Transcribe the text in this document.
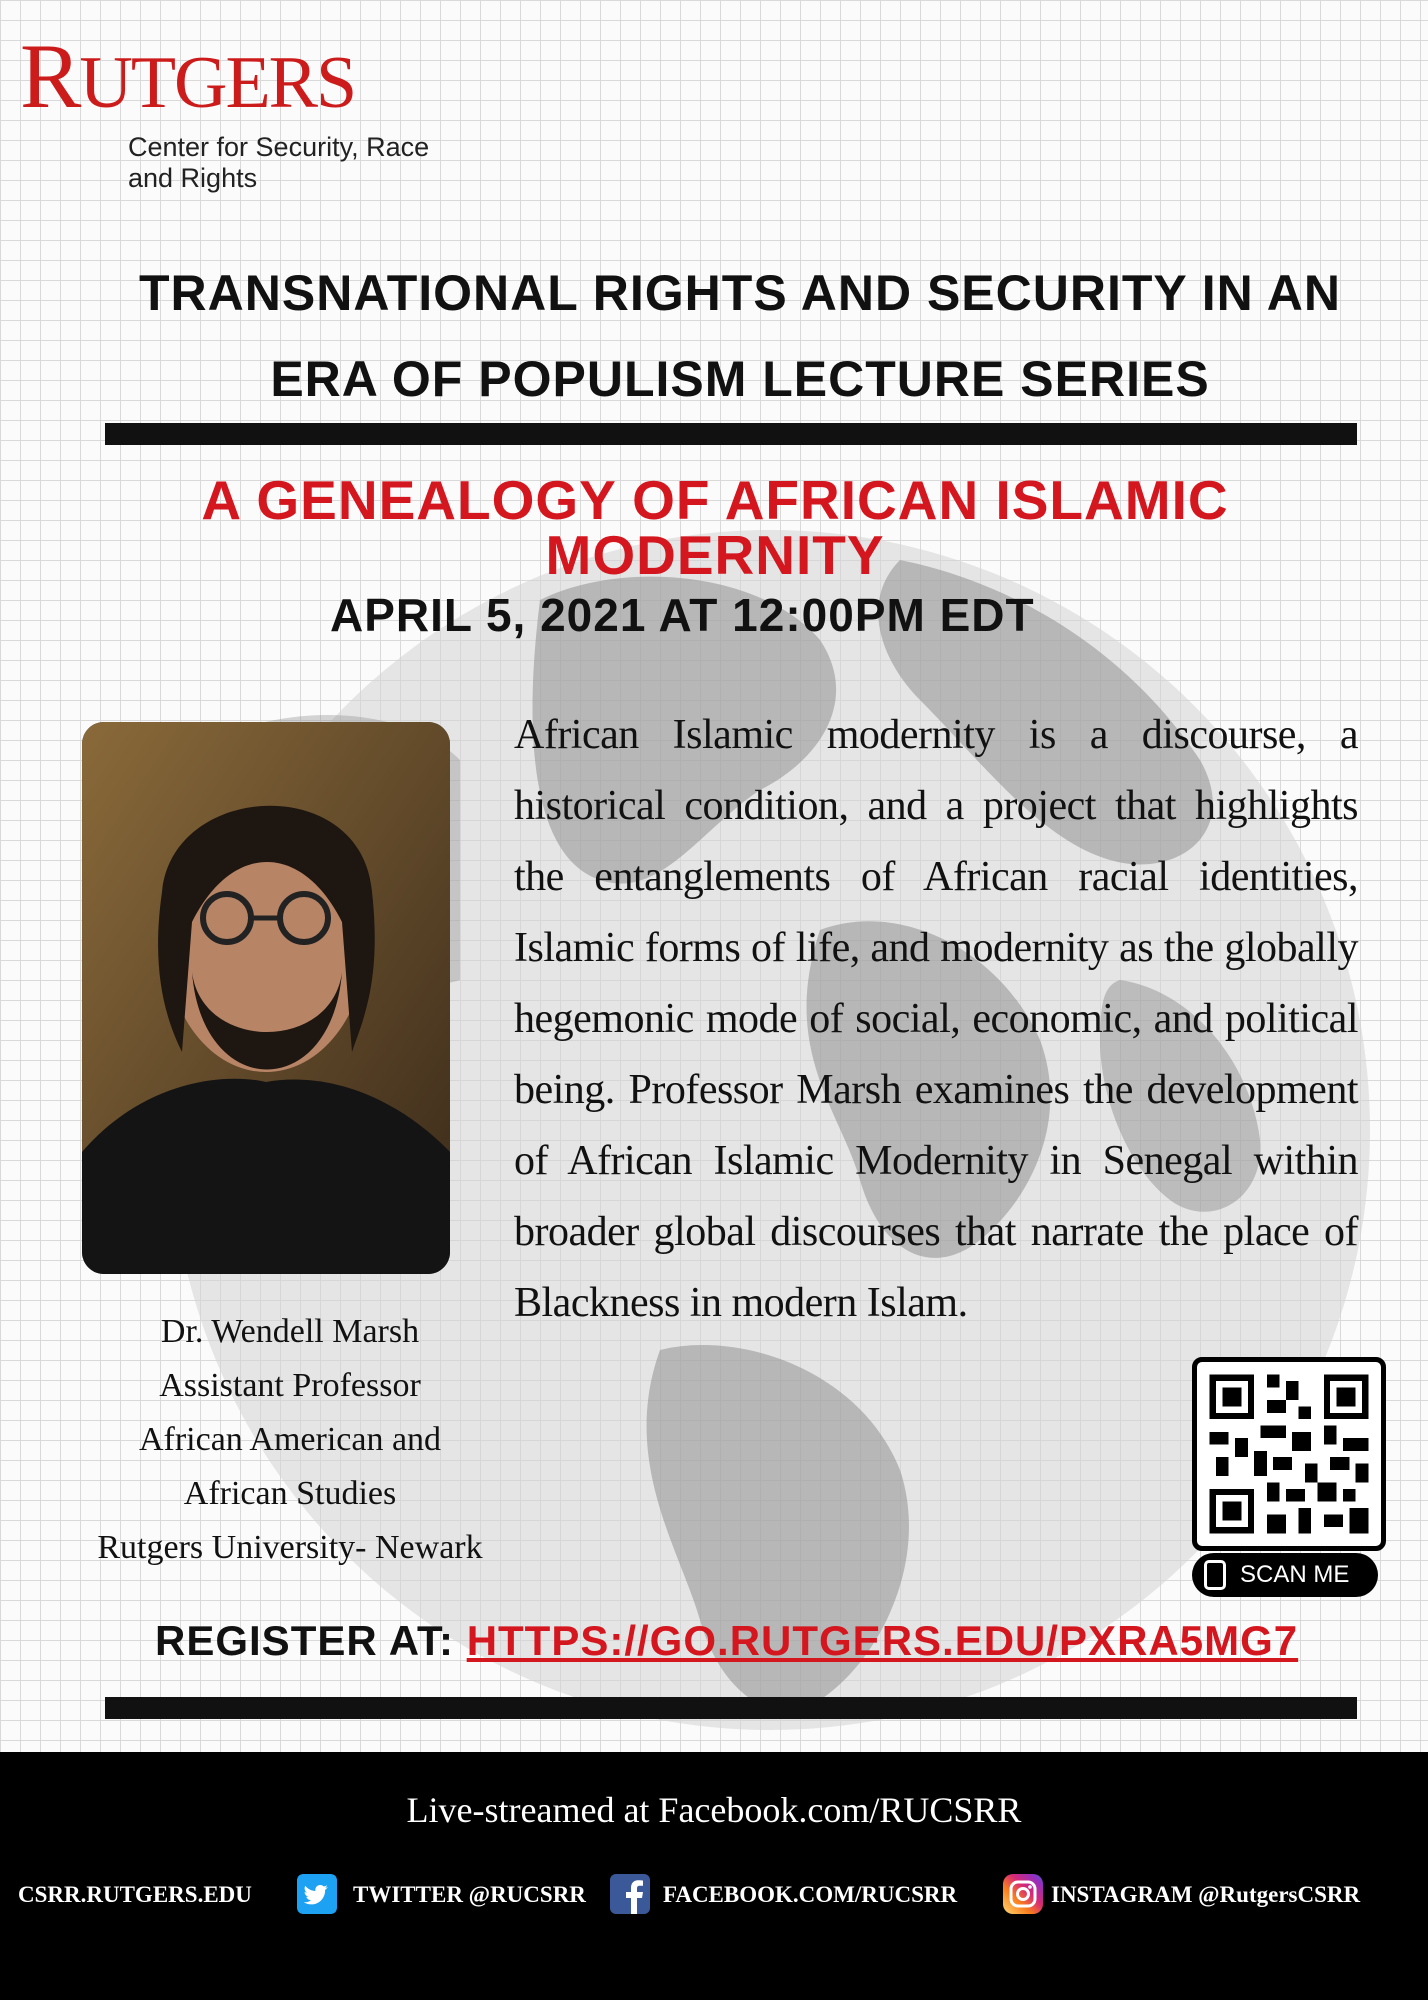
RUTGERS
Center for Security, Race
and Rights
TRANSNATIONAL RIGHTS AND SECURITY IN AN
ERA OF POPULISM LECTURE SERIES
A GENEALOGY OF AFRICAN ISLAMIC MODERNITY
APRIL 5, 2021 AT 12:00PM EDT
Dr. Wendell Marsh
Assistant Professor
African American and
African Studies
Rutgers University- Newark
African Islamic modernity is a discourse, a historical condition, and a project that highlights the entanglements of African racial identities, Islamic forms of life, and modernity as the globally hegemonic mode of social, economic, and political being. Professor Marsh examines the development of African Islamic Modernity in Senegal within broader global discourses that narrate the place of Blackness in modern Islam.
SCAN ME
REGISTER AT: HTTPS://GO.RUTGERS.EDU/PXRA5MG7
Live-streamed at Facebook.com/RUCSRR
CSRR.RUTGERS.EDU	TWITTER @RUCSRR	FACEBOOK.COM/RUCSRR	INSTAGRAM @RutgersCSRR
